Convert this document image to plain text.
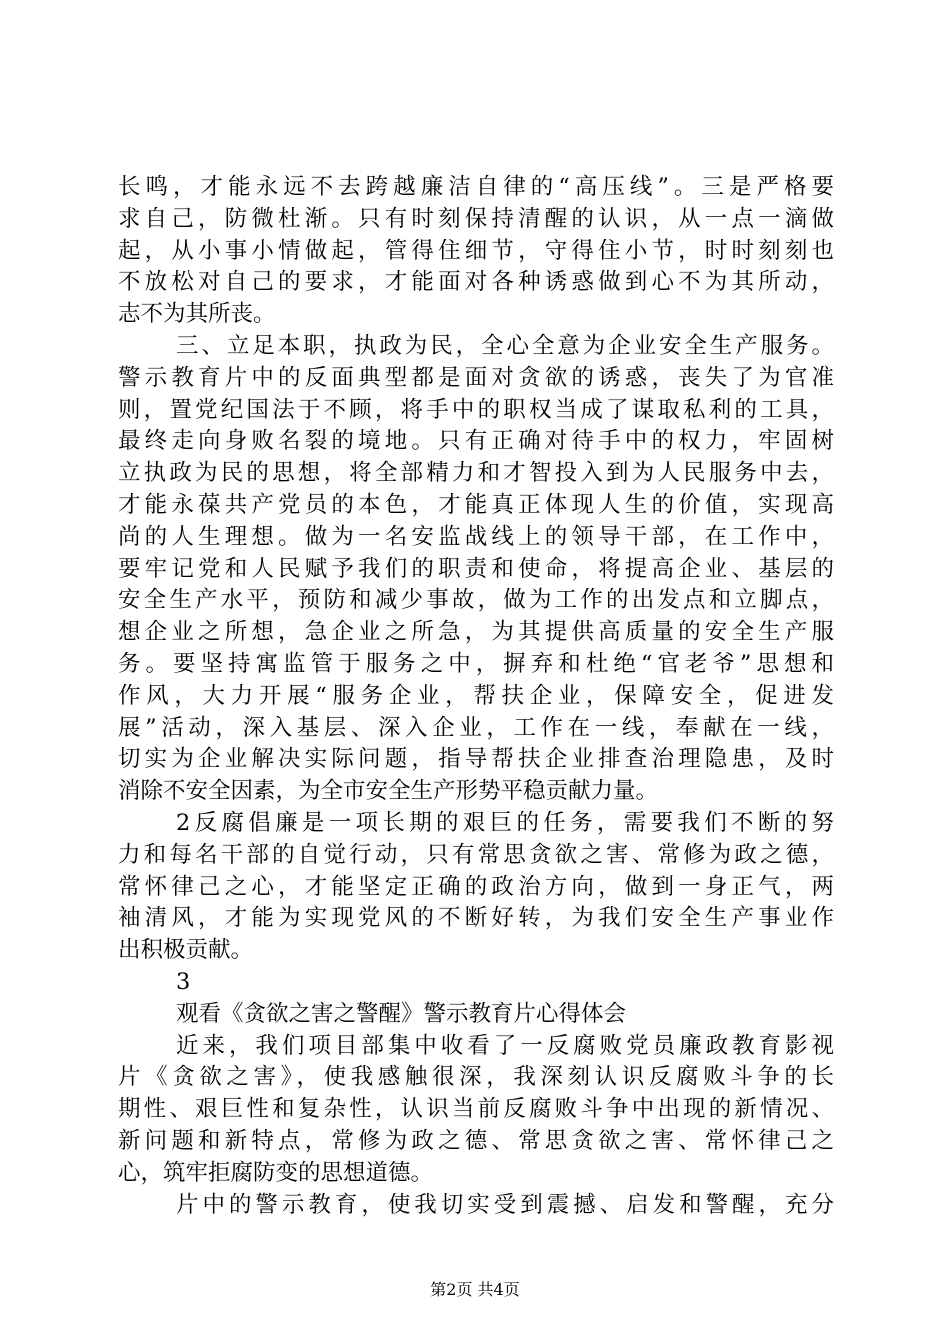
长鸣，才能永远不去跨越廉洁自律的“高压线”。三是严格要
求自己，防微杜渐。只有时刻保持清醒的认识，从一点一滴做
起，从小事小情做起，管得住细节，守得住小节，时时刻刻也
不放松对自己的要求，才能面对各种诱惑做到心不为其所动，
志不为其所丧。
三、立足本职，执政为民，全心全意为企业安全生产服务。
警示教育片中的反面典型都是面对贪欲的诱惑，丧失了为官准
则，置党纪国法于不顾，将手中的职权当成了谋取私利的工具，
最终走向身败名裂的境地。只有正确对待手中的权力，牢固树
立执政为民的思想，将全部精力和才智投入到为人民服务中去，
才能永葆共产党员的本色，才能真正体现人生的价值，实现高
尚的人生理想。做为一名安监战线上的领导干部，在工作中，
要牢记党和人民赋予我们的职责和使命，将提高企业、基层的
安全生产水平，预防和减少事故，做为工作的出发点和立脚点，
想企业之所想，急企业之所急，为其提供高质量的安全生产服
务。要坚持寓监管于服务之中，摒弃和杜绝“官老爷”思想和
作风，大力开展“服务企业，帮扶企业，保障安全，促进发
展”活动，深入基层、深入企业，工作在一线，奉献在一线，
切实为企业解决实际问题，指导帮扶企业排查治理隐患，及时
消除不安全因素，为全市安全生产形势平稳贡献力量。
2反腐倡廉是一项长期的艰巨的任务，需要我们不断的努
力和每名干部的自觉行动，只有常思贪欲之害、常修为政之德，
常怀律己之心，才能坚定正确的政治方向，做到一身正气，两
袖清风，才能为实现党风的不断好转，为我们安全生产事业作
出积极贡献。
3
观看《贪欲之害之警醒》警示教育片心得体会
近来，我们项目部集中收看了一反腐败党员廉政教育影视
片《贪欲之害》，使我感触很深，我深刻认识反腐败斗争的长
期性、艰巨性和复杂性，认识当前反腐败斗争中出现的新情况、
新问题和新特点，常修为政之德、常思贪欲之害、常怀律己之
心，筑牢拒腐防变的思想道德。
片中的警示教育，使我切实受到震撼、启发和警醒，充分
第2页 共4页
